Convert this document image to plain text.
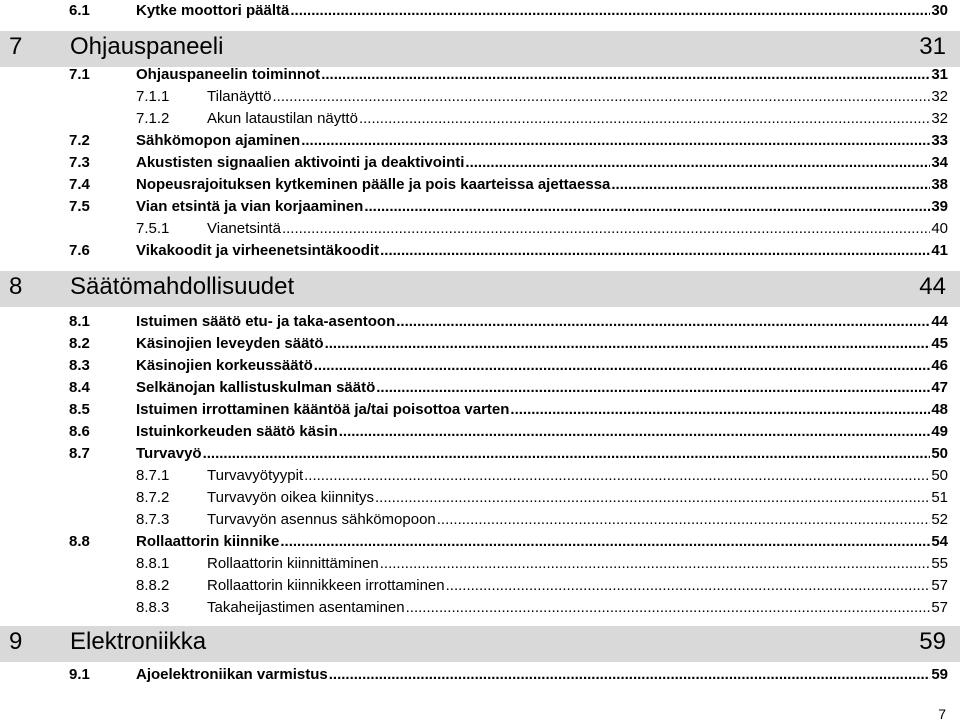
6.1	Kytke moottori päältä .....	30
7 Ohjauspaneeli	31
7.1	Ohjauspaneelin toiminnot .....	31
7.1.1	Tilanäyttö .....	32
7.1.2	Akun lataustilan näyttö .....	32
7.2	Sähkömopon ajaminen .....	33
7.3	Akustisten signaalien aktivointi ja deaktivointi .....	34
7.4	Nopeusrajoituksen kytkeminen päälle ja pois kaarteissa ajettaessa .....	38
7.5	Vian etsintä ja vian korjaaminen .....	39
7.5.1	Vianetsintä .....	40
7.6	Vikakoodit ja virheenetsintäkoodit .....	41
8 Säätömahdollisuudet	44
8.1	Istuimen säätö etu- ja taka-asentoon .....	44
8.2	Käsinojien leveyden säätö .....	45
8.3	Käsinojien korkeussäätö .....	46
8.4	Selkänojan kallistuskulman säätö .....	47
8.5	Istuimen irrottaminen kääntöä ja/tai poisottoa varten .....	48
8.6	Istuinkorkeuden säätö käsin .....	49
8.7	Turvavyö .....	50
8.7.1	Turvavyötyypit .....	50
8.7.2	Turvavyön oikea kiinnitys .....	51
8.7.3	Turvavyön asennus sähkömopoon .....	52
8.8	Rollaattorin kiinnike .....	54
8.8.1	Rollaattorin kiinnittäminen .....	55
8.8.2	Rollaattorin kiinnikkeen irrottaminen .....	57
8.8.3	Takaheijastimen asentaminen .....	57
9 Elektroniikka	59
9.1	Ajoelektroniikan varmistus .....	59
7
